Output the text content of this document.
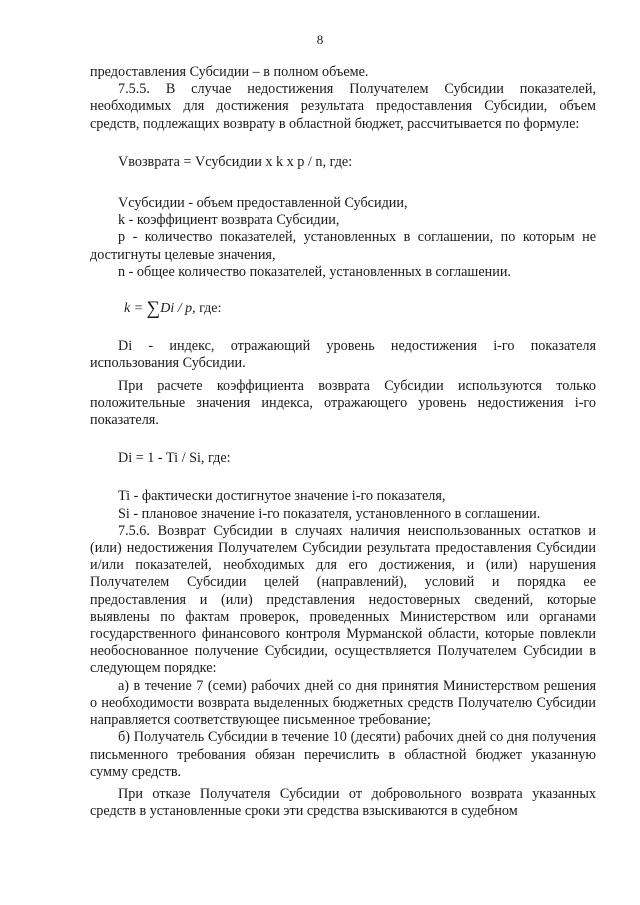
8

предоставления Субсидии – в полном объеме.

7.5.5. В случае недостижения Получателем Субсидии показателей, необходимых для достижения результата предоставления Субсидии, объем средств, подлежащих возврату в областной бюджет, рассчитывается по формуле:

Vвозврата = Vсубсидии x k x p / n, где:

Vсубсидии - объем предоставленной Субсидии,

k - коэффициент возврата Субсидии,

p - количество показателей, установленных в соглашении, по которым не достигнуты целевые значения,

n - общее количество показателей, установленных в соглашении.

k = ∑Di / p, где:

Di - индекс, отражающий уровень недостижения i-го показателя использования Субсидии.

При расчете коэффициента возврата Субсидии используются только положительные значения индекса, отражающего уровень недостижения i-го показателя.

Di = 1 - Ti / Si, где:

Ti - фактически достигнутое значение i-го показателя,

Si - плановое значение i-го показателя, установленного в соглашении.

7.5.6. Возврат Субсидии в случаях наличия неиспользованных остатков и (или) недостижения Получателем Субсидии результата предоставления Субсидии и/или показателей, необходимых для его достижения, и (или) нарушения Получателем Субсидии целей (направлений), условий и порядка ее предоставления и (или) представления недостоверных сведений, которые выявлены по фактам проверок, проведенных Министерством или органами государственного финансового контроля Мурманской области, которые повлекли необоснованное получение Субсидии, осуществляется Получателем Субсидии в следующем порядке:

а) в течение 7 (семи) рабочих дней со дня принятия Министерством решения о необходимости возврата выделенных бюджетных средств Получателю Субсидии направляется соответствующее письменное требование;

б) Получатель Субсидии в течение 10 (десяти) рабочих дней со дня получения письменного требования обязан перечислить в областной бюджет указанную сумму средств.

При отказе Получателя Субсидии от добровольного возврата указанных средств в установленные сроки эти средства взыскиваются в судебном
